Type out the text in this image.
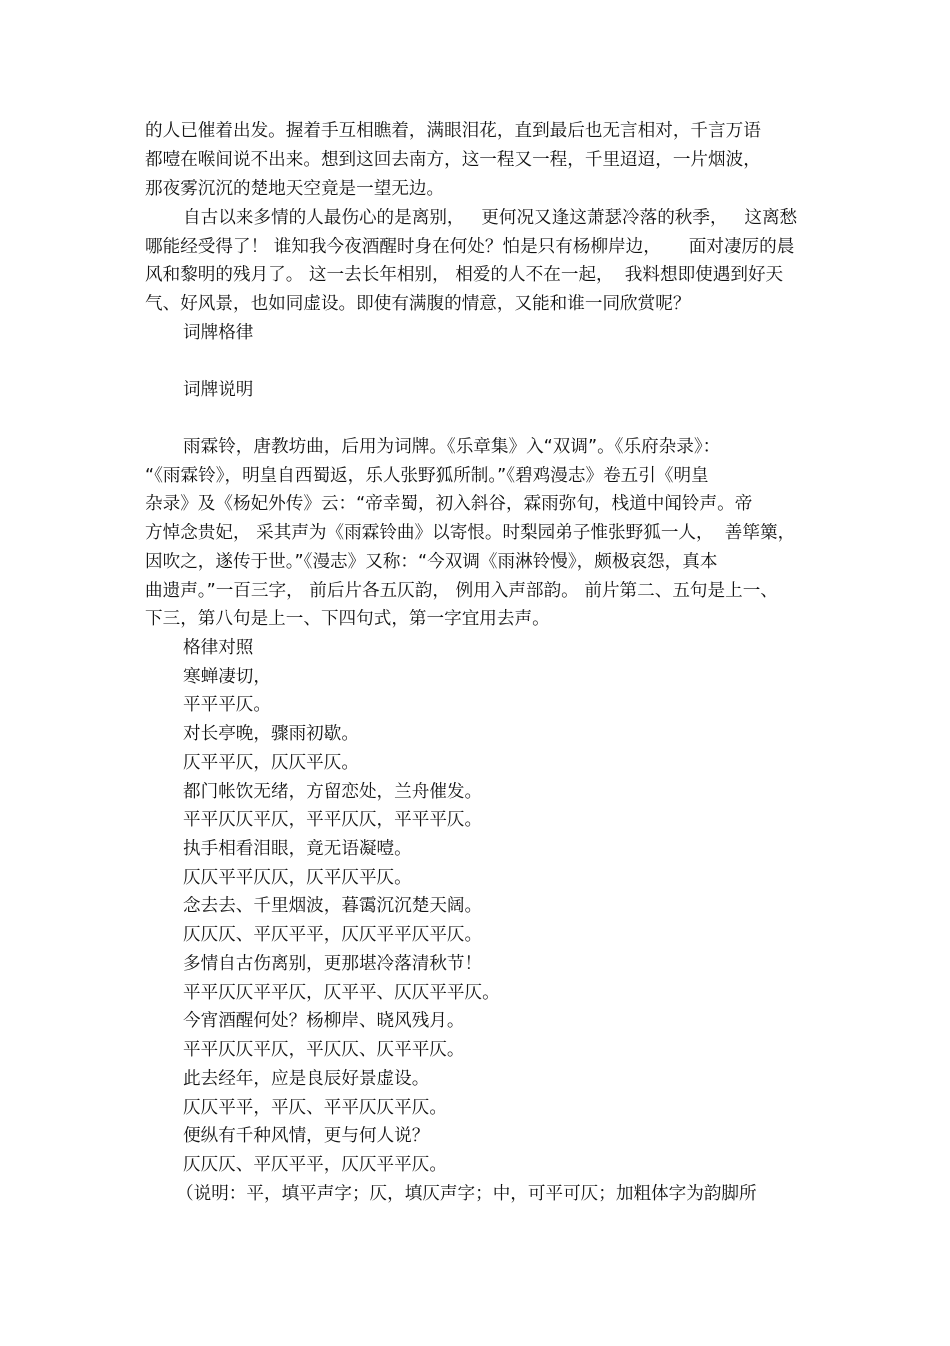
的人已催着出发。握着手互相瞧着，满眼泪花，直到最后也无言相对，千言万语
都噎在喉间说不出来。想到这回去南方，这一程又一程，千里迢迢，一片烟波，
那夜雾沉沉的楚地天空竟是一望无边。
自古以来多情的人最伤心的是离别，   更何况又逢这萧瑟冷落的秋季，   这离愁
哪能经受得了！ 谁知我今夜酒醒时身在何处？怕是只有杨柳岸边，     面对凄厉的晨
风和黎明的残月了。 这一去长年相别， 相爱的人不在一起，  我料想即使遇到好天
气、好风景，也如同虚设。即使有满腹的情意，又能和谁一同欣赏呢？
词牌格律
词牌说明
雨霖铃，唐教坊曲，后用为词牌。《乐章集》入“双调”。《乐府杂录》：
“《雨霖铃》，明皇自西蜀返，乐人张野狐所制。”《碧鸡漫志》卷五引《明皇
杂录》及《杨妃外传》云：“帝幸蜀，初入斜谷，霖雨弥旬，栈道中闻铃声。帝
方悼念贵妃， 采其声为《雨霖铃曲》以寄恨。时梨园弟子惟张野狐一人，  善筚篥，
因吹之，遂传于世。”《漫志》又称：“今双调《雨淋铃慢》，颇极哀怨，真本
曲遗声。”一百三字， 前后片各五仄韵， 例用入声部韵。 前片第二、五句是上一、
下三，第八句是上一、下四句式，第一字宜用去声。
格律对照
寒蝉凄切，
平平平仄。
对长亭晚，骤雨初歇。
仄平平仄，仄仄平仄。
都门帐饮无绪，方留恋处，兰舟催发。
平平仄仄平仄，平平仄仄，平平平仄。
执手相看泪眼，竟无语凝噎。
仄仄平平仄仄，仄平仄平仄。
念去去、千里烟波，暮霭沉沉楚天阔。
仄仄仄、平仄平平，仄仄平平仄平仄。
多情自古伤离别，更那堪冷落清秋节！
平平仄仄平平仄，仄平平、仄仄平平仄。
今宵酒醒何处？杨柳岸、晓风残月。
平平仄仄平仄，平仄仄、仄平平仄。
此去经年，应是良辰好景虚设。
仄仄平平，平仄、平平仄仄平仄。
便纵有千种风情，更与何人说？
仄仄仄、平仄平平，仄仄平平仄。
（说明：平，填平声字；仄，填仄声字；中，可平可仄；加粗体字为韵脚所
